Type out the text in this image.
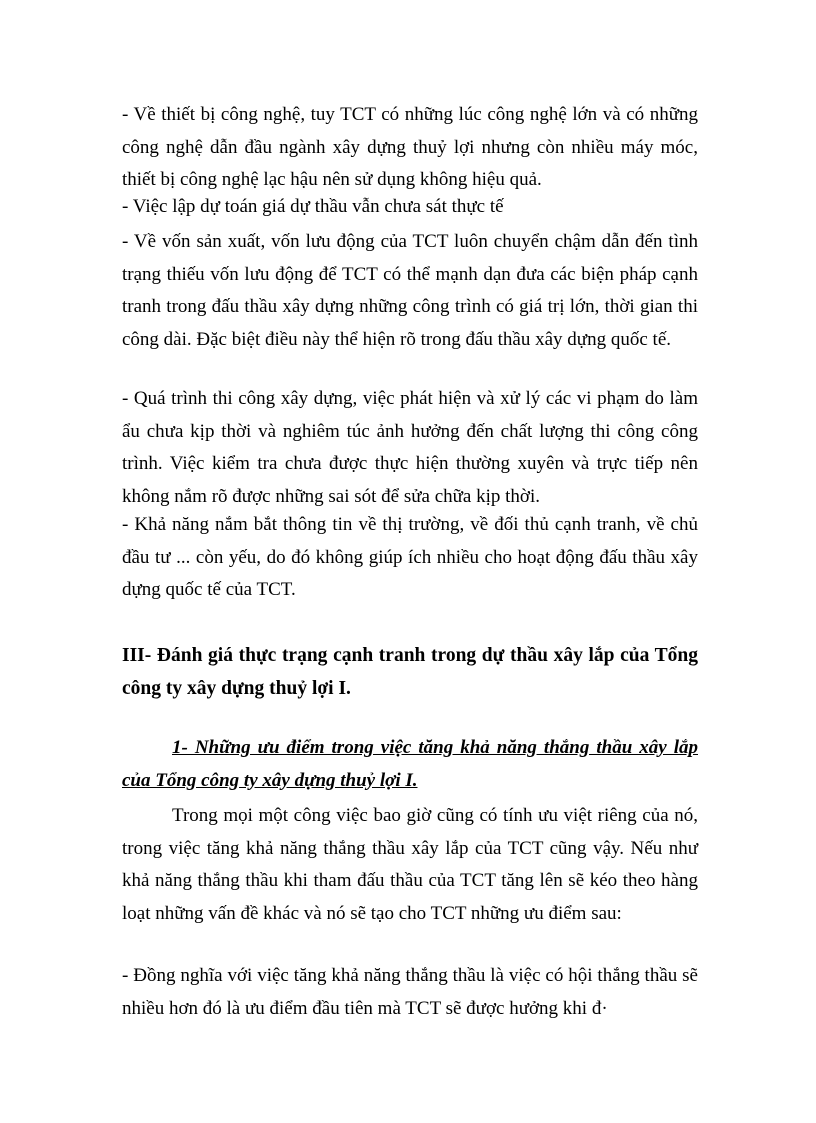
- Về thiết bị công nghệ, tuy TCT có những lúc công nghệ lớn và có những công nghệ dẫn đầu ngành xây dựng thuỷ lợi nhưng còn nhiều máy móc, thiết bị công nghệ lạc hậu nên sử dụng không hiệu quả.

- Việc lập dự toán giá dự thầu vẫn chưa sát thực tế

- Về vốn sản xuất, vốn lưu động của TCT luôn chuyển chậm dẫn đến tình trạng thiếu vốn lưu động để TCT có thể mạnh dạn đưa các biện pháp cạnh tranh trong đấu thầu xây dựng những công trình có giá trị lớn, thời gian thi công dài. Đặc biệt điều này thể hiện rõ trong đấu thầu xây dựng quốc tế.

- Quá trình thi công xây dựng, việc phát hiện và xử lý các vi phạm do làm ẩu chưa kịp thời và nghiêm túc ảnh hưởng đến chất lượng thi công công trình. Việc kiểm tra chưa được thực hiện thường xuyên và trực tiếp nên không nắm rõ được những sai sót để sửa chữa kịp thời.

- Khả năng nắm bắt thông tin về thị trường, về đối thủ cạnh tranh, về chủ đầu tư ... còn yếu, do đó không giúp ích nhiều cho hoạt động đấu thầu xây dựng quốc tế của TCT.

III- Đánh giá thực trạng cạnh tranh trong dự thầu xây lắp của Tổng công ty xây dựng thuỷ lợi I.

1- Những ưu điểm trong việc tăng khả năng thắng thầu xây lắp của Tổng công ty xây dựng thuỷ lợi I.

Trong mọi một công việc bao giờ cũng có tính ưu việt riêng của nó, trong việc tăng khả năng thắng thầu xây lắp của TCT cũng vậy. Nếu như khả năng thắng thầu khi tham đấu thầu của TCT tăng lên sẽ kéo theo hàng loạt những vấn đề khác và nó sẽ tạo cho TCT những ưu điểm sau:

- Đồng nghĩa với việc tăng khả năng thắng thầu là việc có hội thắng thầu sẽ nhiều hơn đó là ưu điểm đầu tiên mà TCT sẽ được hưởng khi đ·
